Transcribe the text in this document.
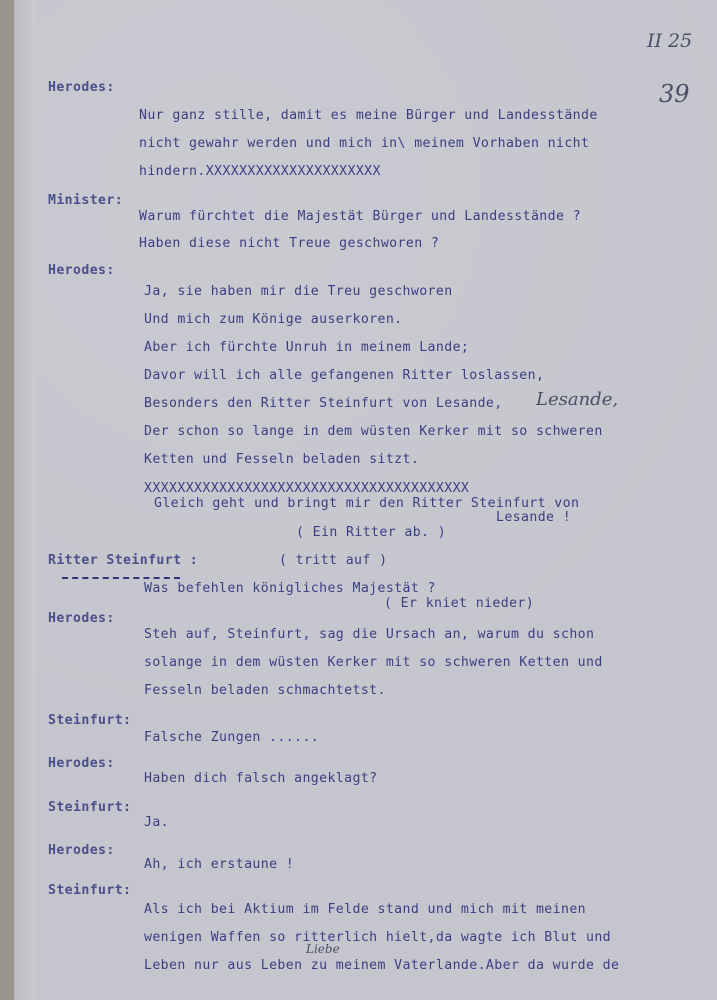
II 25
39
Herodes:
Nur ganz stille, damit es meine Bürger und Landesstände
nicht gewahr werden und mich in\ meinem Vorhaben nicht
hindern.XXXXXXXXXXXXXXXXXXXXX
Minister:
Warum fürchtet die Majestät Bürger und Landesstände ?
Haben diese nicht Treue geschworen ?
Herodes:
Ja, sie haben mir die Treu geschworen
Und mich zum Könige auserkoren.
Aber ich fürchte Unruh in meinem Lande;
Davor will ich alle gefangenen Ritter loslassen,
Besonders den Ritter Steinfurt von Lesande, Lesande,
Der schon so lange in dem wüsten Kerker mit so schweren
Ketten und Fesseln beladen sitzt.
XXXXXXXXXXXXXXXXXXXXXXXXXXXXXXXXXXXXXXX
Gleich geht und bringt mir den Ritter Steinfurt von
Lesande !
( Ein Ritter ab. )
Ritter Steinfurt :	( tritt auf )
Was befehlen königliches Majestät ?
( Er kniet nieder)
Herodes:
Steh auf, Steinfurt, sag die Ursach an, warum du schon
solange in dem wüsten Kerker mit so schweren Ketten und
Fesseln beladen schmachtetst.
Steinfurt:
Falsche Zungen ......
Herodes:
Haben dich falsch angeklagt?
Steinfurt:
Ja.
Herodes:
Ah, ich erstaune !
Steinfurt:
Als ich bei Aktium im Felde stand und mich mit meinen
wenigen Waffen so ritterlich hielt,da wagte ich Blut und
Liebe
Leben nur aus Leben zu meinem Vaterlande.Aber da wurde de
